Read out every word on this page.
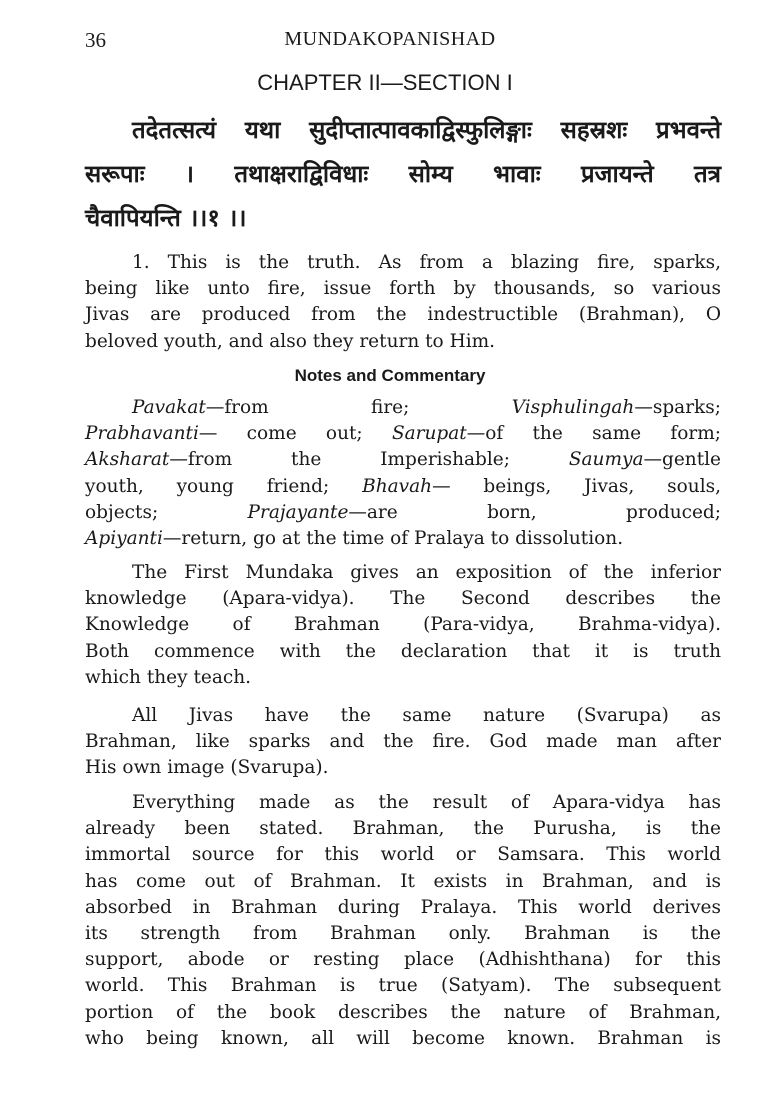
36	MUNDAKOPANISHAD
CHAPTER II—SECTION I
तदेतत्सत्यं यथा सुदीप्तात्पावकाद्विस्फुलिङ्गाः सहस्रशः प्रभवन्ते
सरूपाः । तथाक्षराद्विविधाः सोम्य भावाः प्रजायन्ते तत्र
चैवापियन्ति ।।१ ।।
1. This is the truth. As from a blazing fire, sparks,
being like unto fire, issue forth by thousands, so various
Jivas are produced from the indestructible (Brahman), O
beloved youth, and also they return to Him.
Notes and Commentary
Pavakat—from fire; Visphulingah—sparks;
Prabhavanti— come out; Sarupat—of the same form;
Aksharat—from the Imperishable; Saumya—gentle
youth, young friend; Bhavah— beings, Jivas, souls,
objects; Prajayante—are born, produced;
Apiyanti—return, go at the time of Pralaya to dissolution.
The First Mundaka gives an exposition of the inferior
knowledge (Apara-vidya). The Second describes the
Knowledge of Brahman (Para-vidya, Brahma-vidya).
Both commence with the declaration that it is truth
which they teach.
All Jivas have the same nature (Svarupa) as
Brahman, like sparks and the fire. God made man after
His own image (Svarupa).
Everything made as the result of Apara-vidya has
already been stated. Brahman, the Purusha, is the
immortal source for this world or Samsara. This world
has come out of Brahman. It exists in Brahman, and is
absorbed in Brahman during Pralaya. This world derives
its strength from Brahman only. Brahman is the
support, abode or resting place (Adhishthana) for this
world. This Brahman is true (Satyam). The subsequent
portion of the book describes the nature of Brahman,
who being known, all will become known. Brahman is
